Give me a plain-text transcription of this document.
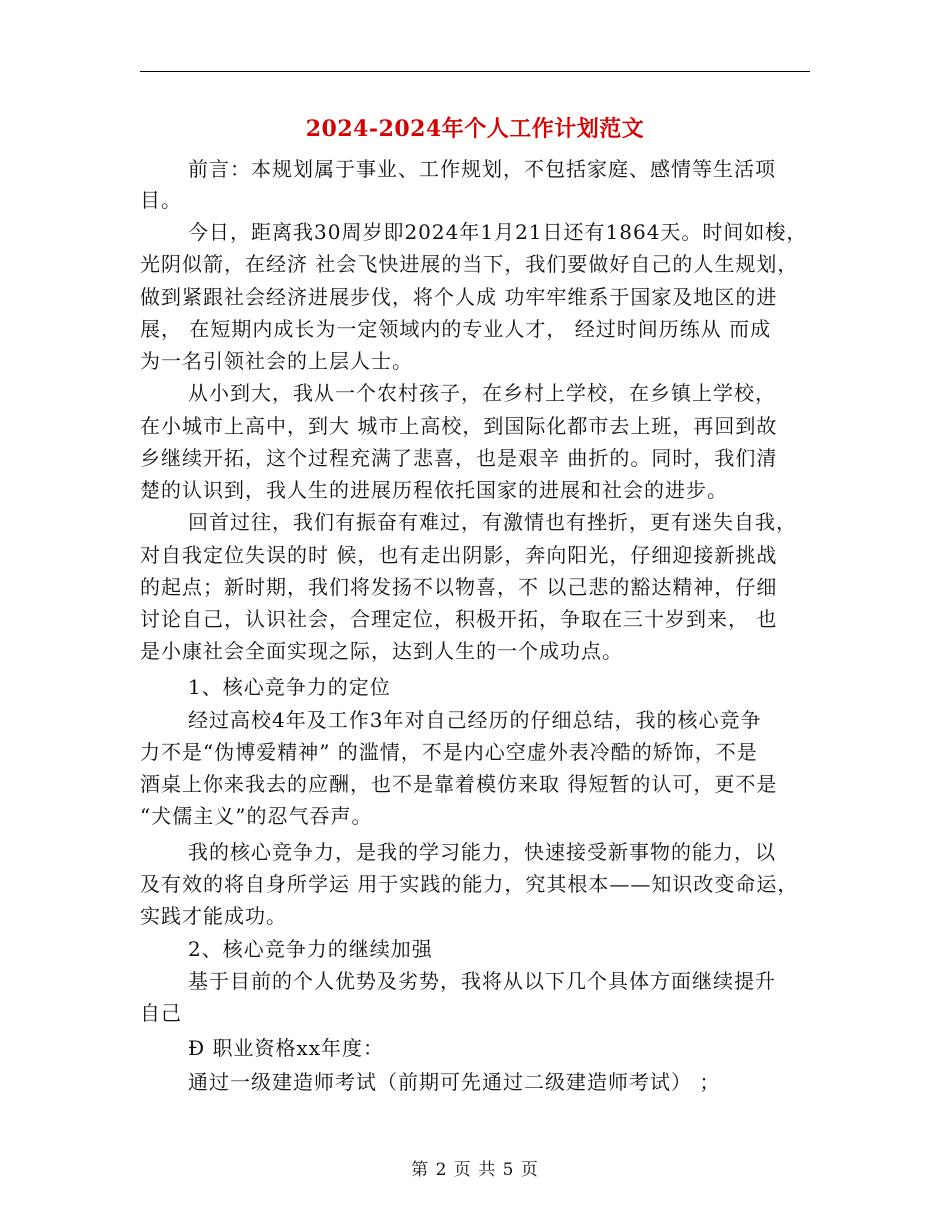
2024-2024年个人工作计划范文
前言：本规划属于事业、工作规划，不包括家庭、感情等生活项
目。
今日，距离我30周岁即2024年1月21日还有1864天。时间如梭，
光阴似箭，在经济 社会飞快进展的当下，我们要做好自己的人生规划，
做到紧跟社会经济进展步伐，将个人成 功牢牢维系于国家及地区的进
展， 在短期内成长为一定领域内的专业人才， 经过时间历练从 而成
为一名引领社会的上层人士。
从小到大，我从一个农村孩子，在乡村上学校，在乡镇上学校，
在小城市上高中，到大 城市上高校，到国际化都市去上班，再回到故
乡继续开拓，这个过程充满了悲喜，也是艰辛 曲折的。同时，我们清
楚的认识到，我人生的进展历程依托国家的进展和社会的进步。
回首过往，我们有振奋有难过，有激情也有挫折，更有迷失自我，
对自我定位失误的时 候，也有走出阴影，奔向阳光，仔细迎接新挑战
的起点；新时期，我们将发扬不以物喜，不 以己悲的豁达精神，仔细
讨论自己，认识社会，合理定位，积极开拓，争取在三十岁到来， 也
是小康社会全面实现之际，达到人生的一个成功点。
1、核心竞争力的定位
经过高校4年及工作3年对自己经历的仔细总结，我的核心竞争
力不是“伪博爱精神” 的滥情，不是内心空虚外表冷酷的矫饰，不是
酒桌上你来我去的应酬，也不是靠着模仿来取 得短暂的认可，更不是
“犬儒主义”的忍气吞声。
我的核心竞争力，是我的学习能力，快速接受新事物的能力，以
及有效的将自身所学运 用于实践的能力，究其根本——知识改变命运，
实践才能成功。
2、核心竞争力的继续加强
基于目前的个人优势及劣势，我将从以下几个具体方面继续提升
自己
Ð 职业资格xx年度：
通过一级建造师考试（前期可先通过二级建造师考试） ；
第 2 页 共 5 页
